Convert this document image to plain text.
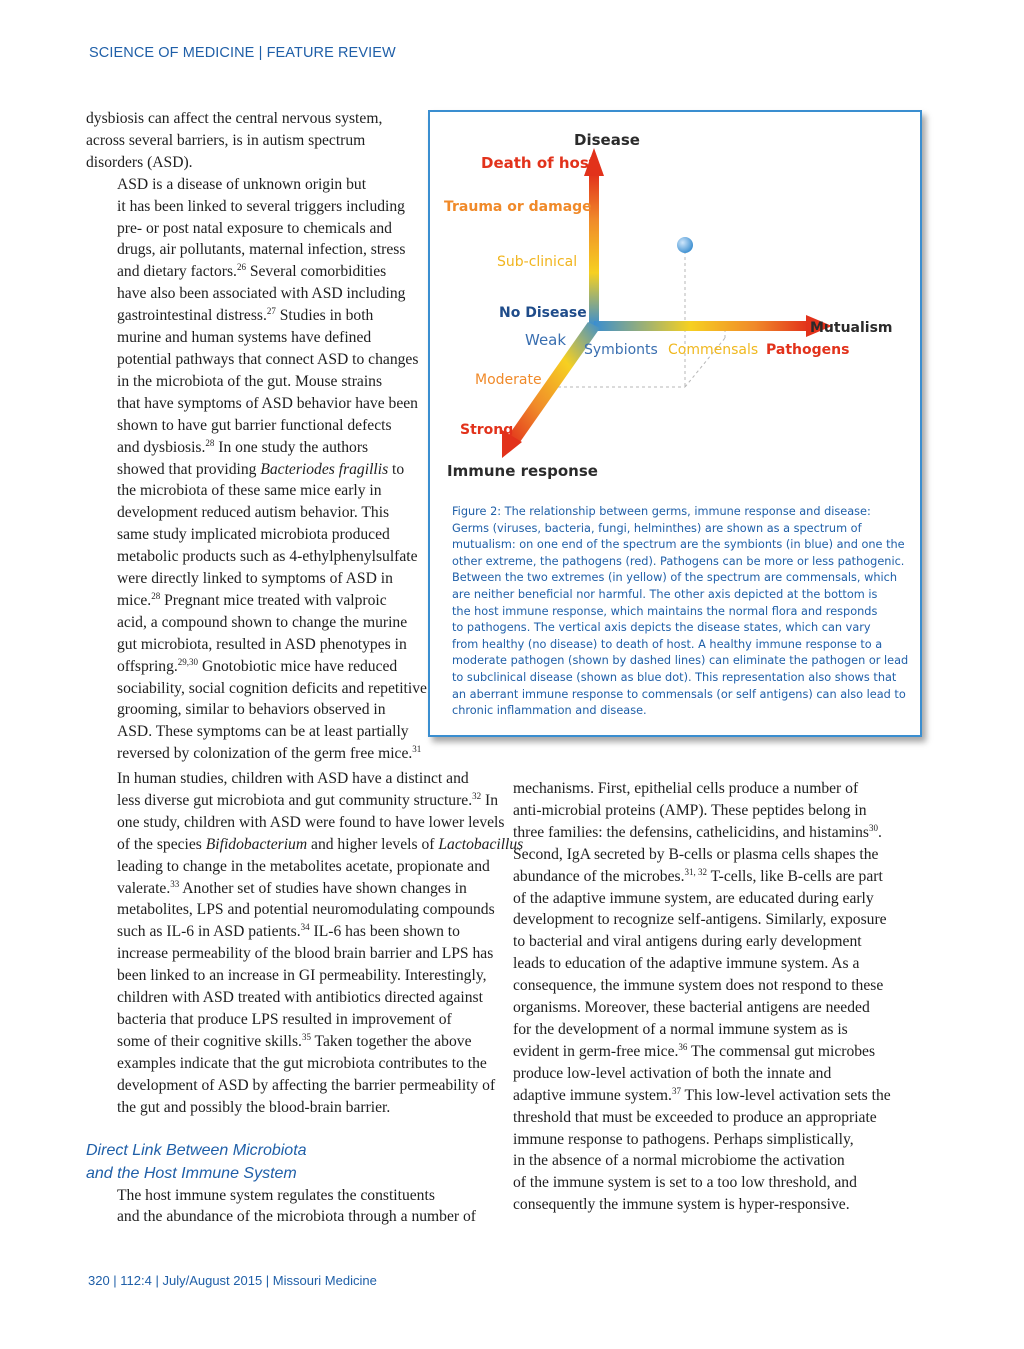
SCIENCE OF MEDICINE | FEATURE REVIEW

dysbiosis can affect the central nervous system,
across several barriers, is in autism spectrum
disorders (ASD).

ASD is a disease of unknown origin but
it has been linked to several triggers including
pre- or post natal exposure to chemicals and
drugs, air pollutants, maternal infection, stress
and dietary factors.$^{26}$ Several comorbidities
have also been associated with ASD including
gastrointestinal distress.$^{27}$ Studies in both
murine and human systems have defined
potential pathways that connect ASD to changes
in the microbiota of the gut. Mouse strains
that have symptoms of ASD behavior have been
shown to have gut barrier functional defects
and dysbiosis.$^{28}$ In one study the authors
showed that providing Bacteriodes fragillis to
the microbiota of these same mice early in
development reduced autism behavior. This
same study implicated microbiota produced
metabolic products such as 4-ethylphenylsulfate
were directly linked to symptoms of ASD in
mice.$^{28}$ Pregnant mice treated with valproic
acid, a compound shown to change the murine
gut microbiota, resulted in ASD phenotypes in
offspring.$^{29,30}$ Gnotobiotic mice have reduced
sociability, social cognition deficits and repetitive
grooming, similar to behaviors observed in
ASD. These symptoms can be at least partially
reversed by colonization of the germ free mice.$^{31}$

Disease
Death of host
Trauma or damage
Sub-clinical
No Disease
Weak
Moderate
Strong
Immune response
Mutualism
Symbionts Commensals Pathogens
Figure 2: The relationship between germs, immune response and disease:
Germs (viruses, bacteria, fungi, helminthes) are shown as a spectrum of
mutualism: on one end of the spectrum are the symbionts (in blue) and one the
other extreme, the pathogens (red). Pathogens can be more or less pathogenic.
Between the two extremes (in yellow) of the spectrum are commensals, which
are neither beneficial nor harmful. The other axis depicted at the bottom is
the host immune response, which maintains the normal flora and responds
to pathogens. The vertical axis depicts the disease states, which can vary
from healthy (no disease) to death of host. A healthy immune response to a
moderate pathogen (shown by dashed lines) can eliminate the pathogen or lead
to subclinical disease (shown as blue dot). This representation also shows that
an aberrant immune response to commensals (or self antigens) can also lead to
chronic inflammation and disease.

In human studies, children with ASD have a distinct and
less diverse gut microbiota and gut community structure.$^{32}$ In
one study, children with ASD were found to have lower levels
of the species Bifidobacterium and higher levels of Lactobacillus
leading to change in the metabolites acetate, propionate and
valerate.$^{33}$ Another set of studies have shown changes in
metabolites, LPS and potential neuromodulating compounds
such as IL-6 in ASD patients.$^{34}$ IL-6 has been shown to
increase permeability of the blood brain barrier and LPS has
been linked to an increase in GI permeability. Interestingly,
children with ASD treated with antibiotics directed against
bacteria that produce LPS resulted in improvement of
some of their cognitive skills.$^{35}$ Taken together the above
examples indicate that the gut microbiota contributes to the
development of ASD by affecting the barrier permeability of
the gut and possibly the blood-brain barrier.

Direct Link Between Microbiota
and the Host Immune System

The host immune system regulates the constituents
and the abundance of the microbiota through a number of

mechanisms. First, epithelial cells produce a number of
anti-microbial proteins (AMP). These peptides belong in
three families: the defensins, cathelicidins, and histamins$^{30}$.
Second, IgA secreted by B-cells or plasma cells shapes the
abundance of the microbes.$^{31, 32}$ T-cells, like B-cells are part
of the adaptive immune system, are educated during early
development to recognize self-antigens. Similarly, exposure
to bacterial and viral antigens during early development
leads to education of the adaptive immune system. As a
consequence, the immune system does not respond to these
organisms. Moreover, these bacterial antigens are needed
for the development of a normal immune system as is
evident in germ-free mice.$^{36}$ The commensal gut microbes
produce low-level activation of both the innate and
adaptive immune system.$^{37}$ This low-level activation sets the
threshold that must be exceeded to produce an appropriate
immune response to pathogens. Perhaps simplistically,
in the absence of a normal microbiome the activation
of the immune system is set to a too low threshold, and
consequently the immune system is hyper-responsive.

320 | 112:4 | July/August 2015 | Missouri Medicine
